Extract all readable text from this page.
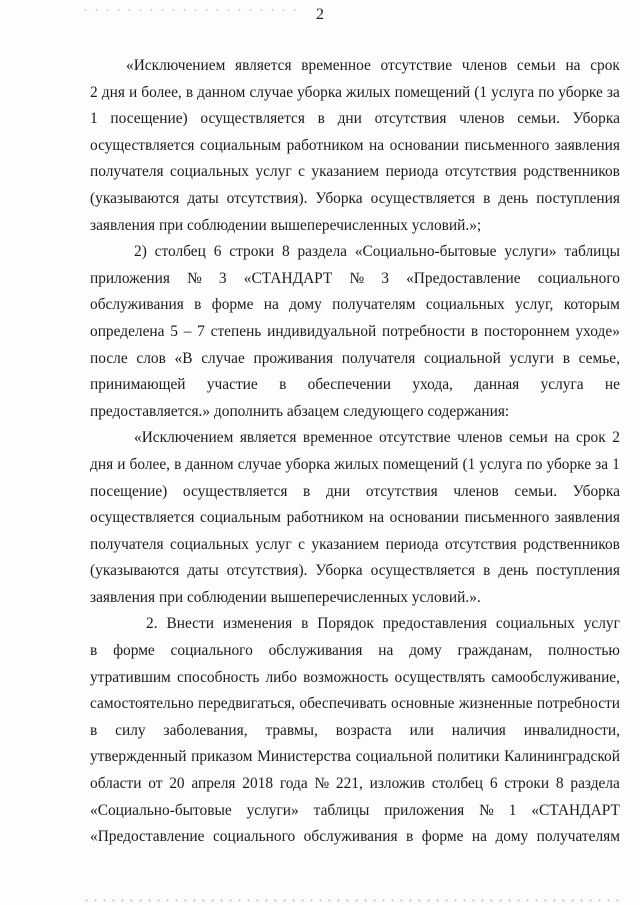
2
«Исключением является временное отсутствие членов семьи на срок
2 дня и более, в данном случае уборка жилых помещений (1 услуга по уборке за
1 посещение) осуществляется в дни отсутствия членов семьи. Уборка
осуществляется социальным работником на основании письменного заявления
получателя социальных услуг с указанием периода отсутствия родственников
(указываются даты отсутствия). Уборка осуществляется в день поступления
заявления при соблюдении вышеперечисленных условий.»;
2) столбец 6 строки 8 раздела «Социально-бытовые услуги» таблицы
приложения № 3 «СТАНДАРТ № 3 «Предоставление социального
обслуживания в форме на дому получателям социальных услуг, которым
определена 5 – 7 степень индивидуальной потребности в постороннем уходе»
после слов «В случае проживания получателя социальной услуги в семье,
принимающей участие в обеспечении ухода, данная услуга не
предоставляется.» дополнить абзацем следующего содержания:
«Исключением является временное отсутствие членов семьи на срок 2
дня и более, в данном случае уборка жилых помещений (1 услуга по уборке за 1
посещение) осуществляется в дни отсутствия членов семьи. Уборка
осуществляется социальным работником на основании письменного заявления
получателя социальных услуг с указанием периода отсутствия родственников
(указываются даты отсутствия). Уборка осуществляется в день поступления
заявления при соблюдении вышеперечисленных условий.».
2. Внести изменения в Порядок предоставления социальных услуг
в форме социального обслуживания на дому гражданам, полностью
утратившим способность либо возможность осуществлять самообслуживание,
самостоятельно передвигаться, обеспечивать основные жизненные потребности
в силу заболевания, травмы, возраста или наличия инвалидности,
утвержденный приказом Министерства социальной политики Калининградской
области от 20 апреля 2018 года № 221, изложив столбец 6 строки 8 раздела
«Социально-бытовые услуги» таблицы приложения № 1 «СТАНДАРТ
«Предоставление социального обслуживания в форме на дому получателям
